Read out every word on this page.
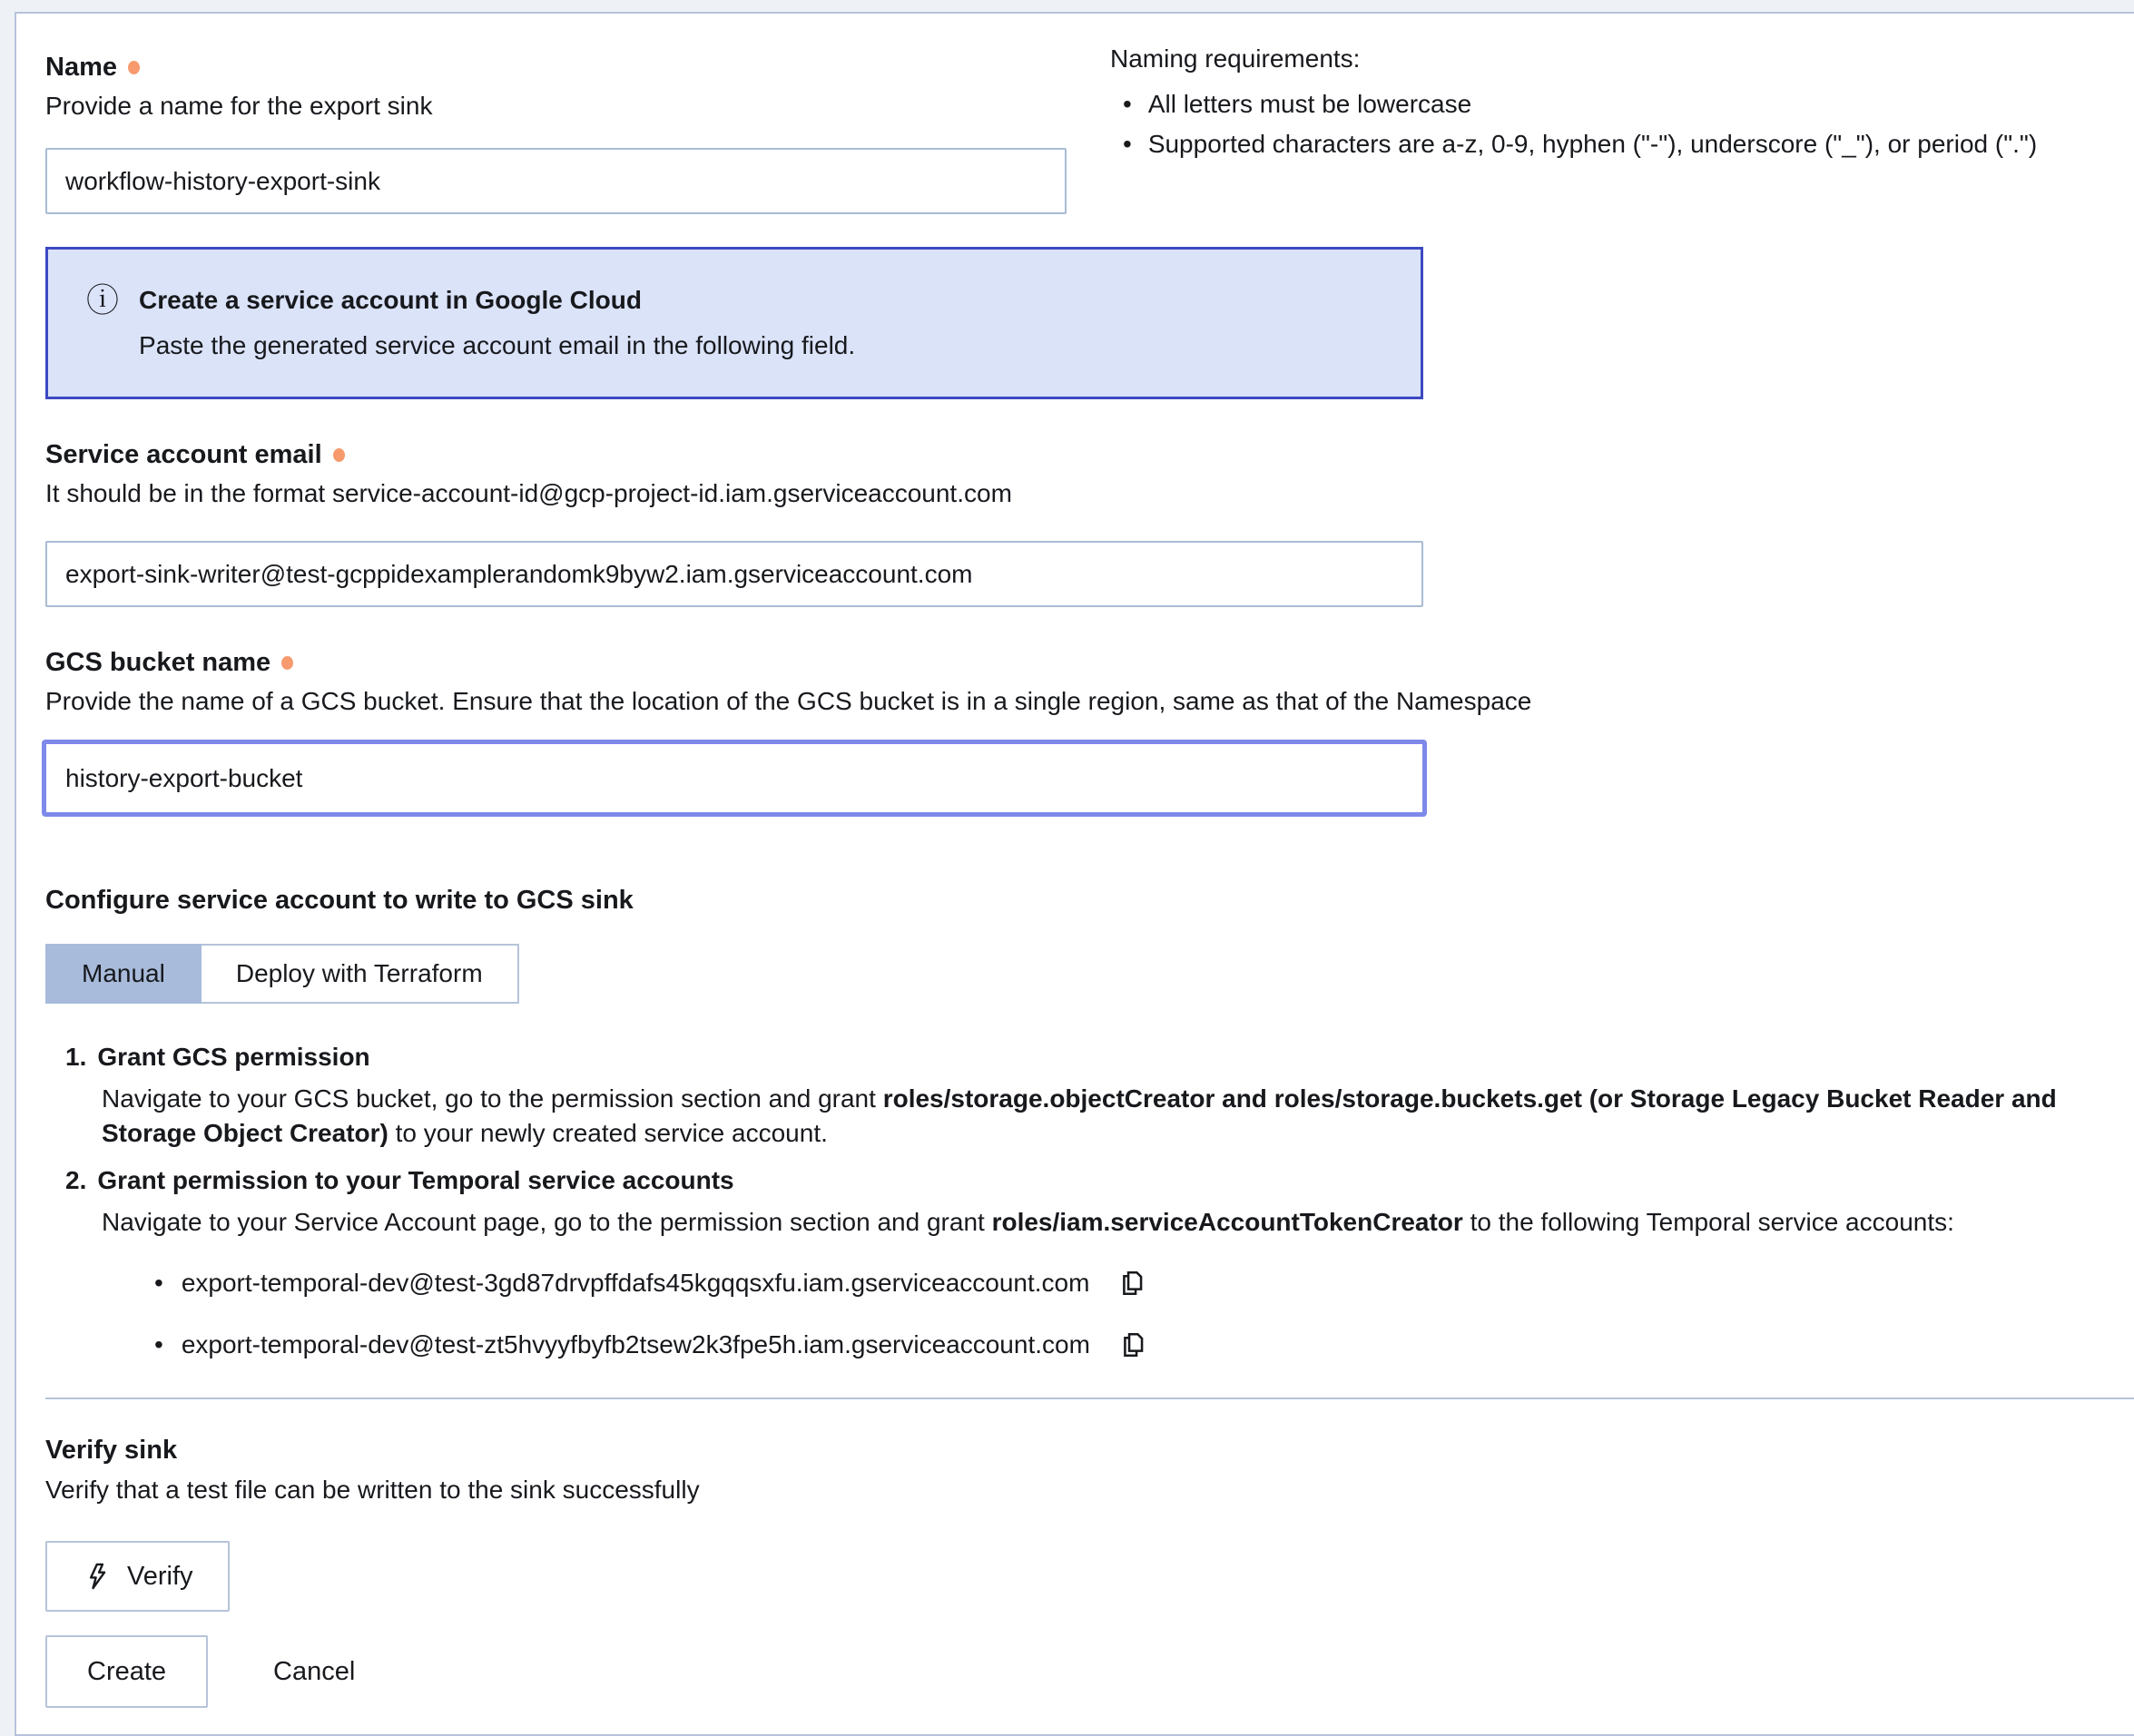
Name
Provide a name for the export sink
workflow-history-export-sink
Naming requirements:
• All letters must be lowercase
• Supported characters are a-z, 0-9, hyphen ("-"), underscore ("_"), or period (".")
ⓘ Create a service account in Google Cloud
Paste the generated service account email in the following field.
Service account email
It should be in the format service-account-id@gcp-project-id.iam.gserviceaccount.com
export-sink-writer@test-gcppidexamplerandomk9byw2.iam.gserviceaccount.com
GCS bucket name
Provide the name of a GCS bucket. Ensure that the location of the GCS bucket is in a single region, same as that of the Namespace
history-export-bucket
Configure service account to write to GCS sink
Manual	Deploy with Terraform
1. Grant GCS permission
Navigate to your GCS bucket, go to the permission section and grant roles/storage.objectCreator and roles/storage.buckets.get (or Storage Legacy Bucket Reader and Storage Object Creator) to your newly created service account.
2. Grant permission to your Temporal service accounts
Navigate to your Service Account page, go to the permission section and grant roles/iam.serviceAccountTokenCreator to the following Temporal service accounts:
• export-temporal-dev@test-3gd87drvpffdafs45kgqqsxfu.iam.gserviceaccount.com
• export-temporal-dev@test-zt5hvyyfbyfb2tsew2k3fpe5h.iam.gserviceaccount.com
Verify sink
Verify that a test file can be written to the sink successfully
Verify
Create	Cancel
